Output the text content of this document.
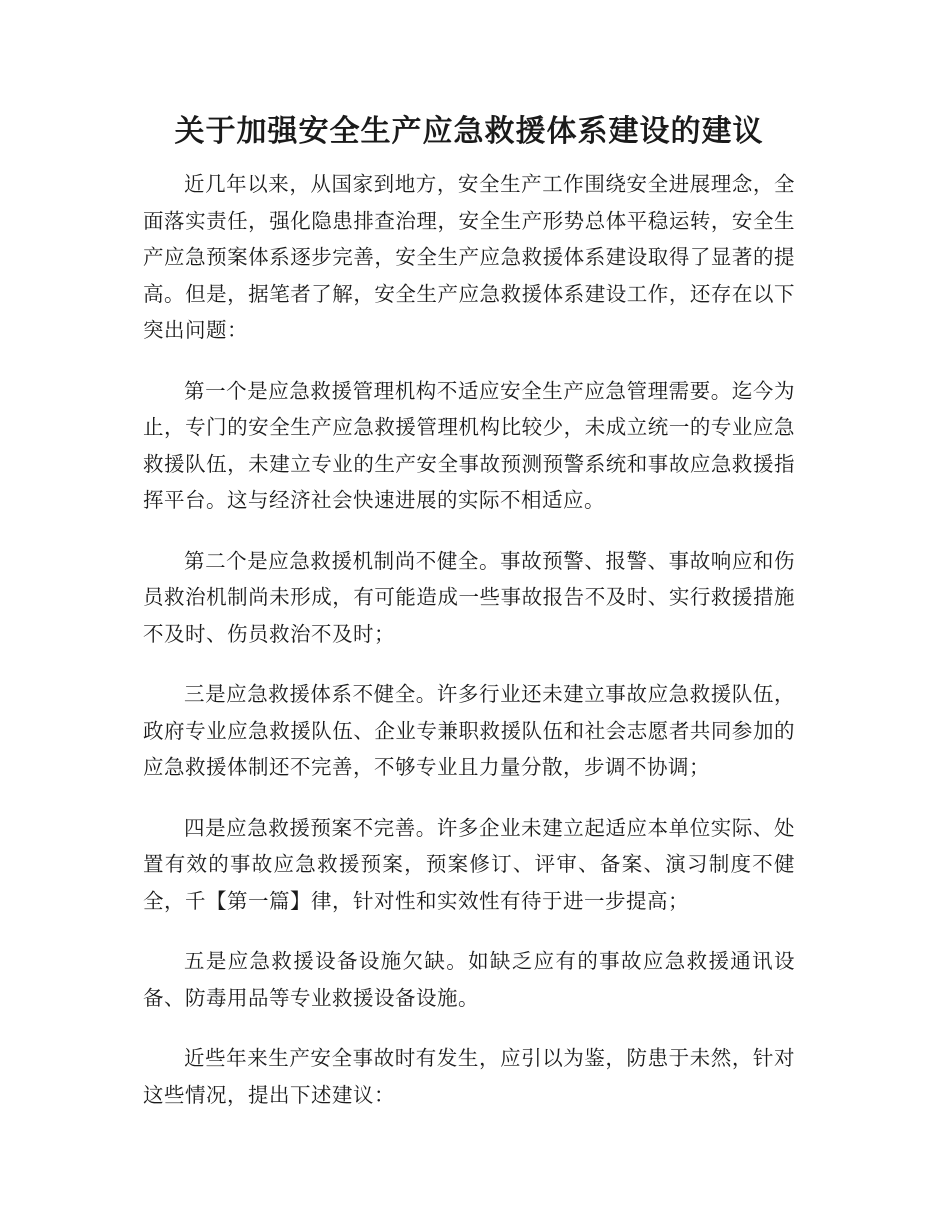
关于加强安全生产应急救援体系建设的建议

近几年以来，从国家到地方，安全生产工作围绕安全进展理念，全面落实责任，强化隐患排查治理，安全生产形势总体平稳运转，安全生产应急预案体系逐步完善，安全生产应急救援体系建设取得了显著的提高。但是，据笔者了解，安全生产应急救援体系建设工作，还存在以下突出问题：

第一个是应急救援管理机构不适应安全生产应急管理需要。迄今为止，专门的安全生产应急救援管理机构比较少，未成立统一的专业应急救援队伍，未建立专业的生产安全事故预测预警系统和事故应急救援指挥平台。这与经济社会快速进展的实际不相适应。

第二个是应急救援机制尚不健全。事故预警、报警、事故响应和伤员救治机制尚未形成，有可能造成一些事故报告不及时、实行救援措施不及时、伤员救治不及时；

三是应急救援体系不健全。许多行业还未建立事故应急救援队伍，政府专业应急救援队伍、企业专兼职救援队伍和社会志愿者共同参加的应急救援体制还不完善，不够专业且力量分散，步调不协调；

四是应急救援预案不完善。许多企业未建立起适应本单位实际、处置有效的事故应急救援预案，预案修订、评审、备案、演习制度不健全，千【第一篇】律，针对性和实效性有待于进一步提高；

五是应急救援设备设施欠缺。如缺乏应有的事故应急救援通讯设备、防毒用品等专业救援设备设施。

近些年来生产安全事故时有发生，应引以为鉴，防患于未然，针对这些情况，提出下述建议：
